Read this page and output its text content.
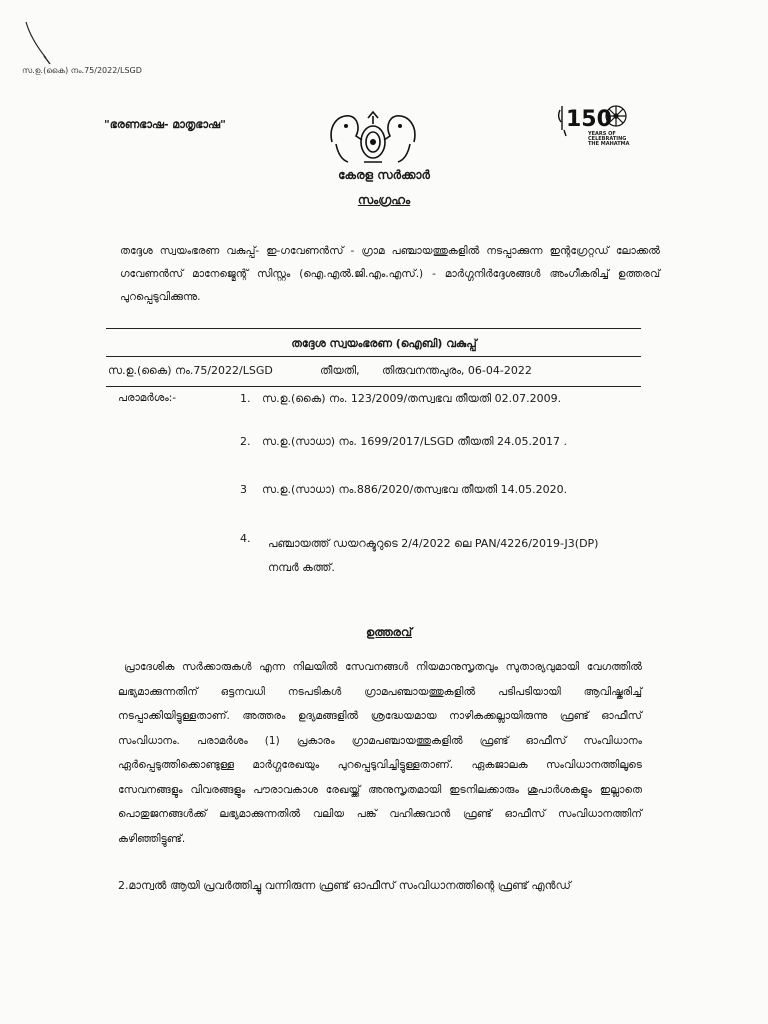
സ.ഉ.(കൈ) നം.75/2022/LSGD
"ഭരണഭാഷ- മാതൃഭാഷ"
കേരള സർക്കാർ
സംഗ്രഹം
150
YEARS OF
CELEBRATING
THE MAHATMA
തദ്ദേശ സ്വയംഭരണ വകുപ്പ്- ഇ-ഗവേണൻസ് - ഗ്രാമ പഞ്ചായത്തുകളിൽ നടപ്പാക്കുന്ന ഇന്റഗ്രേറ്റഡ് ലോക്കൽ ഗവേണൻസ് മാനേജ്മെന്റ് സിസ്റ്റം (ഐ.എൽ.ജി.എം.എസ്.) - മാർഗ്ഗനിർദ്ദേശങ്ങൾ അംഗീകരിച്ച് ഉത്തരവ് പുറപ്പെടുവിക്കുന്നു.
തദ്ദേശ സ്വയംഭരണ (ഐബി) വകുപ്പ്
സ.ഉ.(കൈ) നം.75/2022/LSGD	തീയതി, തിരുവനന്തപുരം, 06-04-2022
പരാമർശം:-	1. സ.ഉ.(കൈ) നം. 123/2009/തസ്വഭവ തീയതി 02.07.2009.
2. സ.ഉ.(സാധാ) നം. 1699/2017/LSGD തീയതി 24.05.2017 .
3 സ.ഉ.(സാധാ) നം.886/2020/തസ്വഭവ തീയതി 14.05.2020.
4. പഞ്ചായത്ത് ഡയറക്ടറുടെ 2/4/2022 ലെ PAN/4226/2019-J3(DP) നമ്പർ കത്ത്.
ഉത്തരവ്
പ്രാദേശിക സർക്കാരുകൾ എന്ന നിലയിൽ സേവനങ്ങൾ നിയമാനുസൃതവും സുതാര്യവുമായി വേഗത്തിൽ ലഭ്യമാക്കുന്നതിന് ഒട്ടനവധി നടപടികൾ ഗ്രാമപഞ്ചായത്തുകളിൽ പടിപടിയായി ആവിഷ്കരിച്ച് നടപ്പാക്കിയിട്ടുള്ളതാണ്. അത്തരം ഉദ്യമങ്ങളിൽ ശ്രദ്ധേയമായ നാഴികക്കല്ലായിരുന്നു ഫ്രണ്ട് ഓഫീസ് സംവിധാനം. പരാമർശം (1) പ്രകാരം ഗ്രാമപഞ്ചായത്തുകളിൽ ഫ്രണ്ട് ഓഫീസ് സംവിധാനം ഏർപ്പെടുത്തിക്കൊണ്ടുള്ള മാർഗ്ഗരേഖയും പുറപ്പെടുവിച്ചിട്ടുള്ളതാണ്. ഏകജാലക സംവിധാനത്തിലൂടെ സേവനങ്ങളും വിവരങ്ങളും പൗരാവകാശ രേഖയ്ക്ക് അനുസൃതമായി ഇടനിലക്കാരും ശുപാർശകളും ഇല്ലാതെ പൊതുജനങ്ങൾക്ക് ലഭ്യമാക്കുന്നതിൽ വലിയ പങ്ക് വഹിക്കുവാൻ ഫ്രണ്ട് ഓഫീസ് സംവിധാനത്തിന് കഴിഞ്ഞിട്ടുണ്ട്.
2.മാന്വൽ ആയി പ്രവർത്തിച്ചു വന്നിരുന്ന ഫ്രണ്ട് ഓഫീസ് സംവിധാനത്തിന്റെ ഫ്രണ്ട് എൻഡ്
